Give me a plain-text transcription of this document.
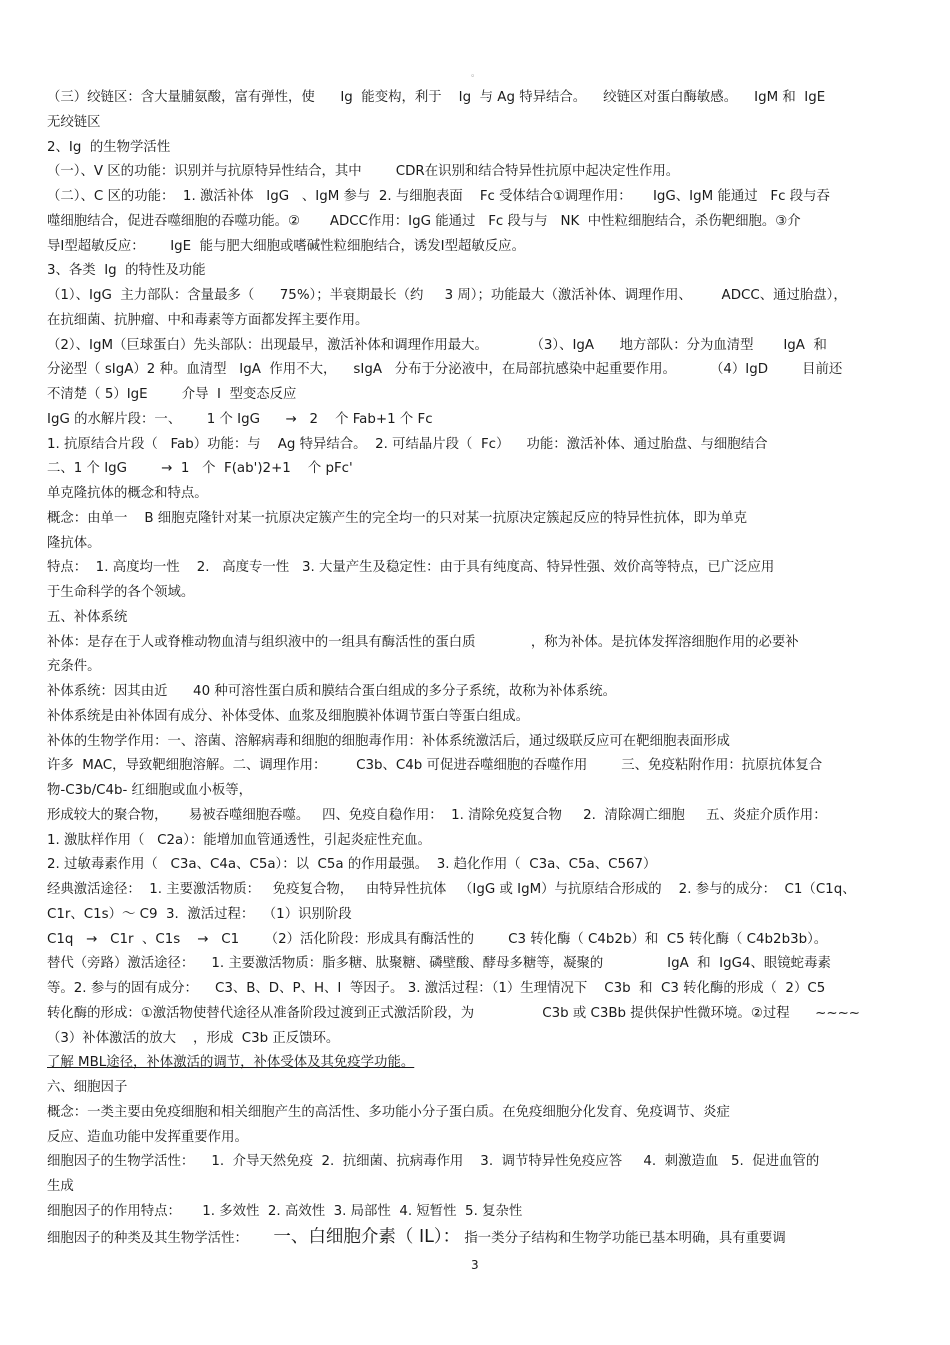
。
（三）绞链区：含大量脯氨酸，富有弹性，使      Ig  能变构，利于    Ig  与 Ag 特异结合。    绞链区对蛋白酶敏感。    IgM 和  IgE
无绞链区
2、Ig  的生物学活性
（一）、V 区的功能：识别并与抗原特异性结合，其中        CDR在识别和结合特异性抗原中起决定性作用。
（二）、C 区的功能：  1. 激活补体   IgG   、IgM 参与  2. 与细胞表面    Fc 受体结合①调理作用：     IgG、IgM 能通过   Fc 段与吞
噬细胞结合，促进吞噬细胞的吞噬功能。②       ADCC作用：IgG 能通过   Fc 段与与   NK  中性粒细胞结合，杀伤靶细胞。③介
导Ⅰ型超敏反应：      IgE  能与肥大细胞或嗜碱性粒细胞结合，诱发Ⅰ型超敏反应。
3、各类  Ig  的特性及功能
（1）、IgG  主力部队：含量最多（      75%）；半衰期最长（约     3 周）；功能最大（激活补体、调理作用、       ADCC、通过胎盘），
在抗细菌、抗肿瘤、中和毒素等方面都发挥主要作用。
（2）、IgM（巨球蛋白）先头部队：出现最早，激活补体和调理作用最大。          （3）、IgA      地方部队：分为血清型       IgA  和
分泌型（ sIgA）2 种。血清型   IgA  作用不大，    sIgA   分布于分泌液中，在局部抗感染中起重要作用。        （4）IgD        目前还
不清楚（ 5）IgE        介导  I  型变态反应
IgG 的水解片段：一、      1 个 IgG      →   2    个 Fab+1 个 Fc
1. 抗原结合片段（   Fab）功能：与    Ag 特异结合。  2. 可结晶片段（  Fc）    功能：激活补体、通过胎盘、与细胞结合
二、1 个 IgG        →  1   个  F(ab')2+1    个 pFc'
单克隆抗体的概念和特点。
概念：由单一    B 细胞克隆针对某一抗原决定簇产生的完全均一的只对某一抗原决定簇起反应的特异性抗体，即为单克
隆抗体。
特点：  1. 高度均一性    2.   高度专一性   3. 大量产生及稳定性：由于具有纯度高、特异性强、效价高等特点，已广泛应用
于生命科学的各个领域。
五、补体系统
补体：是存在于人或脊椎动物血清与组织液中的一组具有酶活性的蛋白质             ，称为补体。是抗体发挥溶细胞作用的必要补
充条件。
补体系统：因其由近      40 种可溶性蛋白质和膜结合蛋白组成的多分子系统，故称为补体系统。
补体系统是由补体固有成分、补体受体、血浆及细胞膜补体调节蛋白等蛋白组成。
补体的生物学作用：一、溶菌、溶解病毒和细胞的细胞毒作用：补体系统激活后，通过级联反应可在靶细胞表面形成
许多  MAC，导致靶细胞溶解。二、调理作用：       C3b、C4b 可促进吞噬细胞的吞噬作用        三、免疫粘附作用：抗原抗体复合
物-C3b/C4b- 红细胞或血小板等，
形成较大的聚合物，     易被吞噬细胞吞噬。   四、免疫自稳作用：  1. 清除免疫复合物     2.  清除凋亡细胞     五、炎症介质作用：
1. 激肽样作用（   C2a）：能增加血管通透性，引起炎症性充血。
2. 过敏毒素作用（   C3a、C4a、C5a）：以  C5a 的作用最强。  3. 趋化作用（  C3a、C5a、C567）
经典激活途径：  1. 主要激活物质：   免疫复合物，   由特异性抗体   （IgG 或 IgM）与抗原结合形成的    2. 参与的成分：  C1（C1q、
C1r、C1s）～ C9  3.  激活过程：  （1）识别阶段
C1q   →   C1r  、C1s    →   C1      （2）活化阶段：形成具有酶活性的        C3 转化酶（ C4b2b）和  C5 转化酶（ C4b2b3b）。
替代（旁路）激活途径：    1. 主要激活物质：脂多糖、肽聚糖、磷壁酸、酵母多糖等，凝聚的               IgA  和  IgG4、眼镜蛇毒素
等。2. 参与的固有成分：    C3、B、D、P、H、I  等因子。 3. 激活过程：（1）生理情况下    C3b  和  C3 转化酶的形成（  2）C5
转化酶的形成：①激活物使替代途径从准备阶段过渡到正式激活阶段，为                C3b 或 C3Bb 提供保护性微环境。②过程      ~~~~
（3）补体激活的放大    ，形成  C3b 正反馈环。
了解 MBL途径，补体激活的调节，补体受体及其免疫学功能。
六、细胞因子
概念：一类主要由免疫细胞和相关细胞产生的高活性、多功能小分子蛋白质。在免疫细胞分化发育、免疫调节、炎症
反应、造血功能中发挥重要作用。
细胞因子的生物学活性：    1.  介导天然免疫  2.  抗细菌、抗病毒作用    3.  调节特异性免疫应答     4.  刺激造血   5.  促进血管的
生成
细胞因子的作用特点：     1. 多效性  2. 高效性  3. 局部性  4. 短暂性  5. 复杂性
细胞因子的种类及其生物学活性：      一、白细胞介素（ IL）： 指一类分子结构和生物学功能已基本明确，具有重要调
3
